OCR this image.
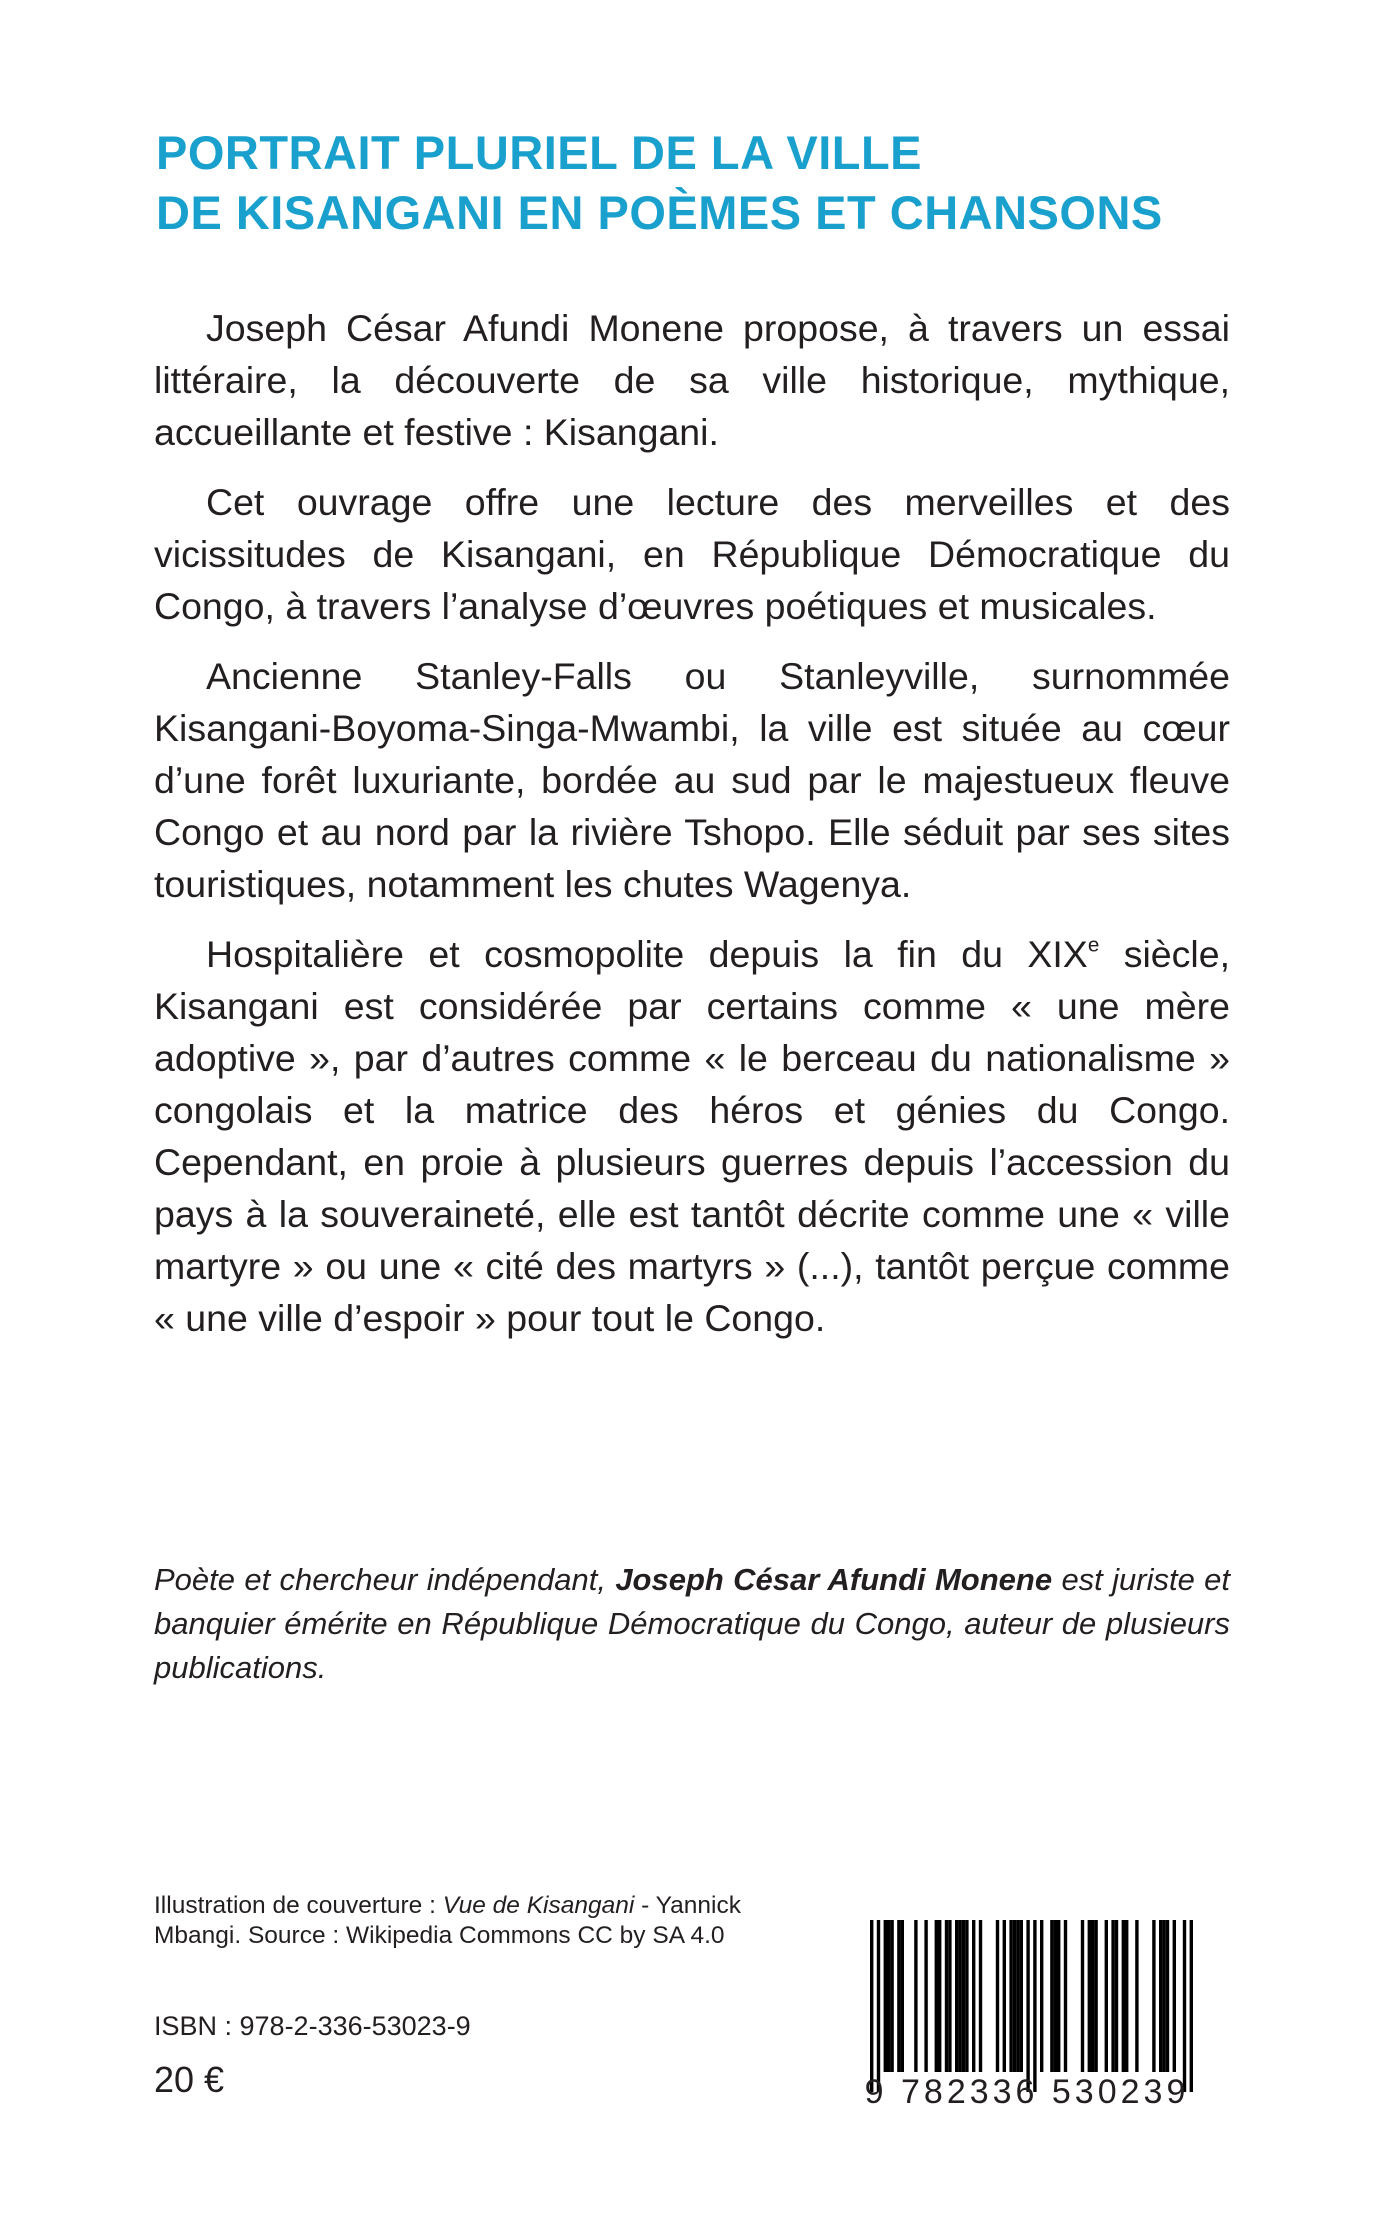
PORTRAIT PLURIEL DE LA VILLE
DE KISANGANI EN POÈMES ET CHANSONS

Joseph César Afundi Monene propose, à travers un essai littéraire, la découverte de sa ville historique, mythique, accueillante et festive : Kisangani.

Cet ouvrage offre une lecture des merveilles et des vicissitudes de Kisangani, en République Démocratique du Congo, à travers l’analyse d’œuvres poétiques et musicales.

Ancienne Stanley-Falls ou Stanleyville, surnommée Kisangani-Boyoma-Singa-Mwambi, la ville est située au cœur d’une forêt luxuriante, bordée au sud par le majestueux fleuve Congo et au nord par la rivière Tshopo. Elle séduit par ses sites touristiques, notamment les chutes Wagenya.

Hospitalière et cosmopolite depuis la fin du XIXe siècle, Kisangani est considérée par certains comme « une mère adoptive », par d’autres comme « le berceau du nationalisme » congolais et la matrice des héros et génies du Congo. Cependant, en proie à plusieurs guerres depuis l’accession du pays à la souveraineté, elle est tantôt décrite comme une « ville martyre » ou une « cité des martyrs » (...), tantôt perçue comme « une ville d’espoir » pour tout le Congo.

Poète et chercheur indépendant, Joseph César Afundi Monene est juriste et banquier émérite en République Démocratique du Congo, auteur de plusieurs publications.
Illustration de couverture : Vue de Kisangani - Yannick Mbangi. Source : Wikipedia Commons CC by SA 4.0
ISBN : 978-2-336-53023-9
20 €	9 782336 530239
